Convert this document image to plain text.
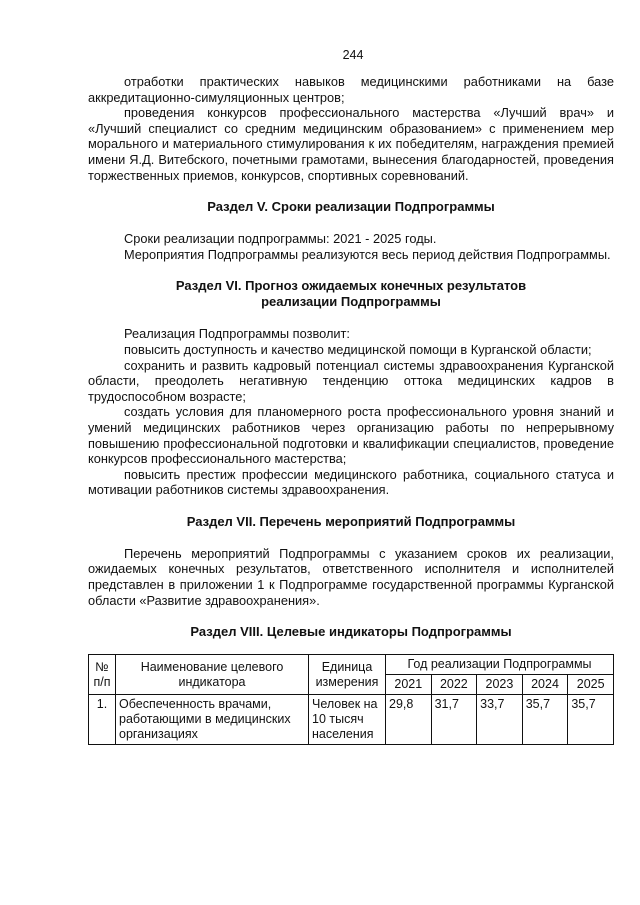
244

отработки практических навыков медицинскими работниками на базе аккредитационно-симуляционных центров;

проведения конкурсов профессионального мастерства «Лучший врач» и «Лучший специалист со средним медицинским образованием» с применением мер морального и материального стимулирования к их победителям, награждения премией имени Я.Д. Витебского, почетными грамотами, вынесения благодарностей, проведения торжественных приемов, конкурсов, спортивных соревнований.

Раздел V. Сроки реализации Подпрограммы

Сроки реализации подпрограммы: 2021 - 2025 годы.

Мероприятия Подпрограммы реализуются весь период действия Подпрограммы.

Раздел VI. Прогноз ожидаемых конечных результатов
реализации Подпрограммы

Реализация Подпрограммы позволит:

повысить доступность и качество медицинской помощи в Курганской области;

сохранить и развить кадровый потенциал системы здравоохранения Курганской области, преодолеть негативную тенденцию оттока медицинских кадров в трудоспособном возрасте;

создать условия для планомерного роста профессионального уровня знаний и умений медицинских работников через организацию работы по непрерывному повышению профессиональной подготовки и квалификации специалистов, проведение конкурсов профессионального мастерства;

повысить престиж профессии медицинского работника, социального статуса и мотивации работников системы здравоохранения.

Раздел VII. Перечень мероприятий Подпрограммы

Перечень мероприятий Подпрограммы с указанием сроков их реализации, ожидаемых конечных результатов, ответственного исполнителя и исполнителей представлен в приложении 1 к Подпрограмме государственной программы Курганской области «Развитие здравоохранения».

Раздел VIII. Целевые индикаторы Подпрограммы
№ п/п	Наименование целевого индикатора	Единица измерения	Год реализации Подпрограммы				
			2021	2022	2023	2024	2025
1.	Обеспеченность врачами, работающими в медицинских организациях	Человек на 10 тысяч населения	29,8	31,7	33,7	35,7	35,7
